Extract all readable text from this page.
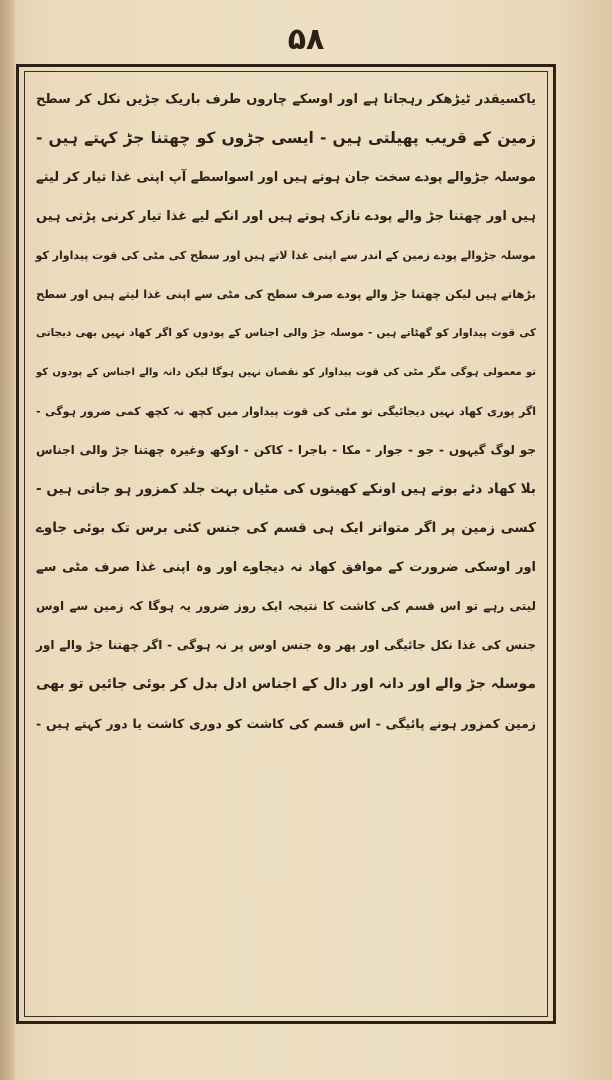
۵۸
یاکسیقدر ٹیڑھکر رہجاتا ہے اور اوسکے چاروں طرف باریک جڑیں نکل کر سطح
زمین کے قریب پھیلتی ہیں - ایسی جڑوں کو چھتنا جڑ کہتے ہیں -
موسلہ جڑوالے پودے سخت جان ہوتے ہیں اور اسواسطے آپ اپنی غذا تیار کر لیتے
ہیں اور چھتنا جڑ والے پودے نازک ہوتے ہیں اور انکے لیے غذا تیار کرنی پڑتی ہیں
موسلہ جڑوالے پودے زمین کے اندر سے اپنی غذا لاتے ہیں اور سطح کی مٹی کی قوت پیداوار کو
بڑھاتے ہیں لیکن چھتنا جڑ والے پودے صرف سطح کی مٹی سے اپنی غذا لیتے ہیں اور سطح
کی قوت پیداوار کو گھٹاتے ہیں - موسلہ جڑ والی اجناس کے پودوں کو اگر کھاد نہیں بھی دیجاتی
تو معمولی ہوگی مگر مٹی کی قوت پیداوار کو نقصان نہیں ہوگا لیکن دانہ والے اجناس کے پودوں کو
اگر پوری کھاد نہیں دیجائیگی تو مٹی کی قوت پیداوار میں کچھ نہ کچھ کمی ضرور ہوگی -
جو لوگ گیہوں - جو - جوار - مکا - باجرا - کاکن - اوکھ وغیرہ چھتنا جڑ والی اجناس
بلا کھاد دئے بوتے ہیں اونکے کھیتوں کی مٹیاں بہت جلد کمزور ہو جاتی ہیں -
کسی زمین پر اگر متواتر ایک ہی قسم کی جنس کئی برس تک بوئی جاوے
اور اوسکی ضرورت کے موافق کھاد نہ دیجاوے اور وہ اپنی غذا صرف مٹی سے
لیتی رہے تو اس قسم کی کاشت کا نتیجہ ایک روز ضرور یہ ہوگا کہ زمین سے اوس
جنس کی غذا نکل جائیگی اور پھر وہ جنس اوس پر نہ ہوگی - اگر چھتنا جڑ والے اور
موسلہ جڑ والے اور دانہ اور دال کے اجناس ادل بدل کر بوئی جائیں تو بھی
زمین کمزور ہونے پائیگی - اس قسم کی کاشت کو دوری کاشت یا دور کہتے ہیں -
